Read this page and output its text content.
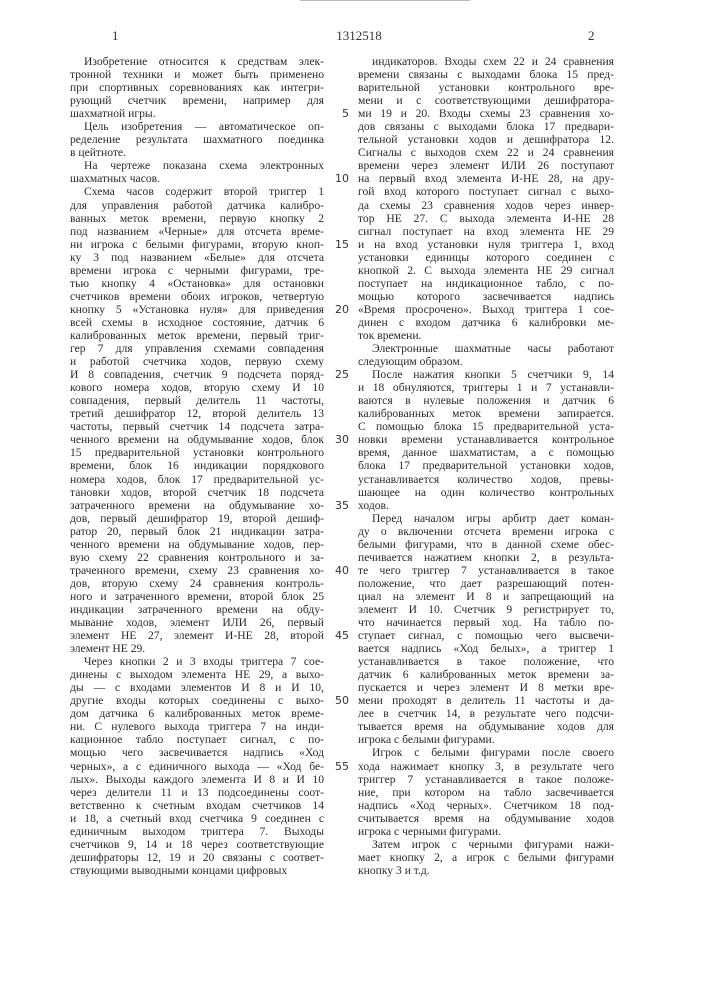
1	1312518	2
Изобретение относится к средствам элек-
тронной техники и может быть применено
при спортивных соревнованиях как интегри-
рующий счетчик времени, например для
шахматной игры.
Цель изобретения — автоматическое оп-
ределение результата шахматного поединка
в цейтноте.
На чертеже показана схема электронных
шахматных часов.
Схема часов содержит второй триггер 1
для управления работой датчика калибро-
ванных меток времени, первую кнопку 2
под названием «Черные» для отсчета време-
ни игрока с белыми фигурами, вторую кноп-
ку 3 под названием «Белые» для отсчета
времени игрока с черными фигурами, тре-
тью кнопку 4 «Остановка» для остановки
счетчиков времени обоих игроков, четвертую
кнопку 5 «Установка нуля» для приведения
всей схемы в исходное состояние, датчик 6
калиброванных меток времени, первый триг-
гер 7 для управления схемами совпадения
и работой счетчика ходов, первую схему
И 8 совпадения, счетчик 9 подсчета поряд-
кового номера ходов, вторую схему И 10
совпадения, первый делитель 11 частоты,
третий дешифратор 12, второй делитель 13
частоты, первый счетчик 14 подсчета затра-
ченного времени на обдумывание ходов, блок
15 предварительной установки контрольного
времени, блок 16 индикации порядкового
номера ходов, блок 17 предварительной ус-
тановки ходов, второй счетчик 18 подсчета
затраченного времени на обдумывание хо-
дов, первый дешифратор 19, второй дешиф-
ратор 20, первый блок 21 индикации затра-
ченного времени на обдумывание ходов, пер-
вую схему 22 сравнения контрольного и за-
траченного времени, схему 23 сравнения хо-
дов, вторую схему 24 сравнения контроль-
ного и затраченного времени, второй блок 25
индикации затраченного времени на обду-
мывание ходов, элемент ИЛИ 26, первый
элемент НЕ 27, элемент И-НЕ 28, второй
элемент НЕ 29.
Через кнопки 2 и 3 входы триггера 7 сое-
динены с выходом элемента НЕ 29, а выхо-
ды — с входами элементов И 8 и И 10,
другие входы которых соединены с выхо-
дом датчика 6 калиброванных меток време-
ни. С нулевого выхода триггера 7 на инди-
кационное табло поступает сигнал, с по-
мощью чего засвечивается надпись «Ход
черных», а с единичного выхода — «Ход бе-
лых». Выходы каждого элемента И 8 и И 10
через делители 11 и 13 подсоединены соот-
ветственно к счетным входам счетчиков 14
и 18, а счетный вход счетчика 9 соединен с
единичным выходом триггера 7. Выходы
счетчиков 9, 14 и 18 через соответствующие
дешифраторы 12, 19 и 20 связаны с соответ-
ствующими выводными концами цифровых
индикаторов. Входы схем 22 и 24 сравнения
времени связаны с выходами блока 15 пред-
варительной установки контрольного вре-
мени и с соответствующими дешифратора-
ми 19 и 20. Входы схемы 23 сравнения хо-
дов связаны с выходами блока 17 предвари-
тельной установки ходов и дешифратора 12.
Сигналы с выходов схем 22 и 24 сравнения
времени через элемент ИЛИ 26 поступают
на первый вход элемента И-НЕ 28, на дру-
гой вход которого поступает сигнал с выхо-
да схемы 23 сравнения ходов через инвер-
тор НЕ 27. С выхода элемента И-НЕ 28
сигнал поступает на вход элемента НЕ 29
и на вход установки нуля триггера 1, вход
установки единицы которого соединен с
кнопкой 2. С выхода элемента НЕ 29 сигнал
поступает на индикационное табло, с по-
мощью которого засвечивается надпись
«Время просрочено». Выход триггера 1 сое-
динен с входом датчика 6 калибровки ме-
ток времени.
Электронные шахматные часы работают
следующим образом.
После нажатия кнопки 5 счетчики 9, 14
и 18 обнуляются, триггеры 1 и 7 устанавли-
ваются в нулевые положения и датчик 6
калиброванных меток времени запирается.
С помощью блока 15 предварительной уста-
новки времени устанавливается контрольное
время, данное шахматистам, а с помощью
блока 17 предварительной установки ходов,
устанавливается количество ходов, превы-
шающее на один количество контрольных
ходов.
Перед началом игры арбитр дает коман-
ду о включении отсчета времени игрока с
белыми фигурами, что в данной схеме обес-
печивается нажатием кнопки 2, в результа-
те чего триггер 7 устанавливается в такое
положение, что дает разрешающий потен-
циал на элемент И 8 и запрещающий на
элемент И 10. Счетчик 9 регистрирует то,
что начинается первый ход. На табло по-
ступает сигнал, с помощью чего высвечи-
вается надпись «Ход белых», а триггер 1
устанавливается в такое положение, что
датчик 6 калиброванных меток времени за-
пускается и через элемент И 8 метки вре-
мени проходят в делитель 11 частоты и да-
лее в счетчик 14, в результате чего подсчи-
тывается время на обдумывание ходов для
игрока с белыми фигурами.
Игрок с белыми фигурами после своего
хода нажимает кнопку 3, в результате чего
триггер 7 устанавливается в такое положе-
ние, при котором на табло засвечивается
надпись «Ход черных». Счетчиком 18 под-
считывается время на обдумывание ходов
игрока с черными фигурами.
Затем игрок с черными фигурами нажи-
мает кнопку 2, а игрок с белыми фигурами
кнопку 3 и т.д.
5
10
15
20
25
30
35
40
45
50
55
